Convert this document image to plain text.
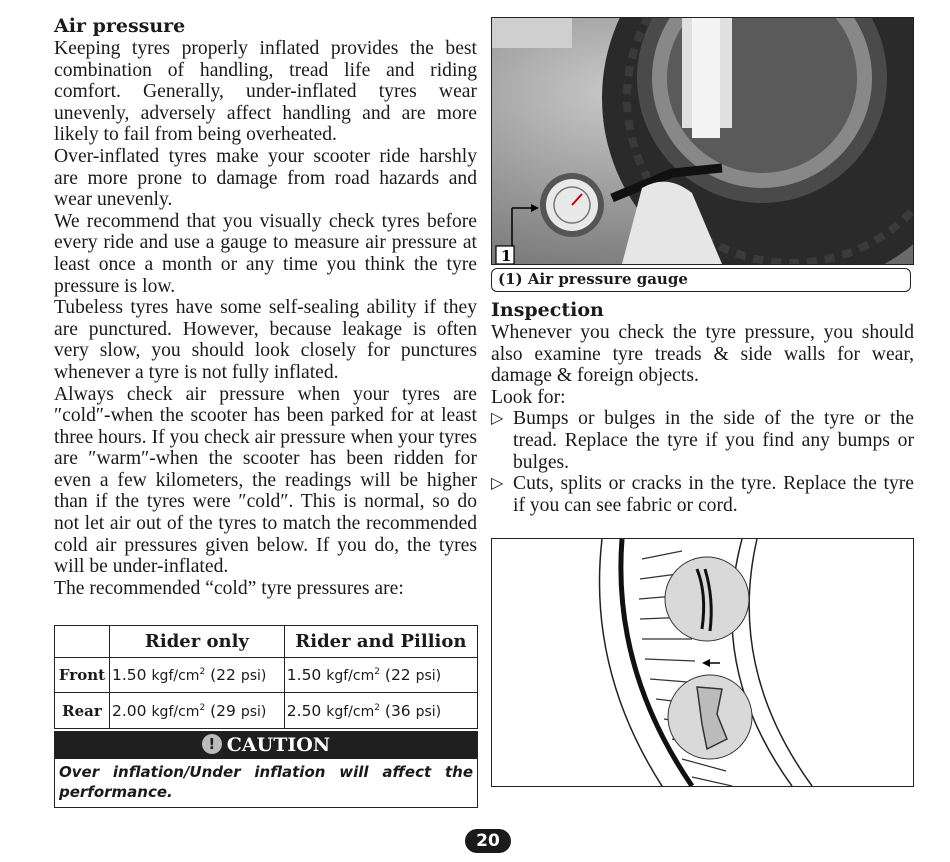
Air pressure

Keeping tyres properly inflated provides the best combination of handling, tread life and riding comfort. Generally, under-inflated tyres wear unevenly, adversely affect handling and are more likely to fail from being overheated.

Over-inflated tyres make your scooter ride harshly are more prone to damage from road hazards and wear unevenly.

We recommend that you visually check tyres before every ride and use a gauge to measure air pressure at least once a month or any time you think the tyre pressure is low.

Tubeless tyres have some self-sealing ability if they are punctured. However, because leakage is often very slow, you should look closely for punctures whenever a tyre is not fully inflated.

Always check air pressure when your tyres are ″cold″-when the scooter has been parked for at least three hours. If you check air pressure when your tyres are ″warm″-when the scooter has been ridden for even a few kilometers, the readings will be higher than if the tyres were ″cold″. This is normal, so do not let air out of the tyres to match the recommended cold air pressures given below. If you do, the tyres will be under-inflated.

The recommended “cold” tyre pressures are:

	Rider only	Rider and Pillion
Front	1.50 kgf/$cm^2$ (22 psi)	1.50 kgf/$cm^2$ (22 psi)
Rear	2.00 kgf/$cm^2$ (29 psi)	2.50 kgf/$cm^2$ (36 psi)
! CAUTION
Over inflation/Under inflation will affect the performance.
1
(1) Air pressure gauge
Inspection

Whenever you check the tyre pressure, you should also examine tyre treads & side walls for wear, damage & foreign objects.

Look for:

▷ Bumps or bulges in the side of the tyre or the tread. Replace the tyre if you find any bumps or bulges.

▷ Cuts, splits or cracks in the tyre. Replace the tyre if you can see fabric or cord.

20
